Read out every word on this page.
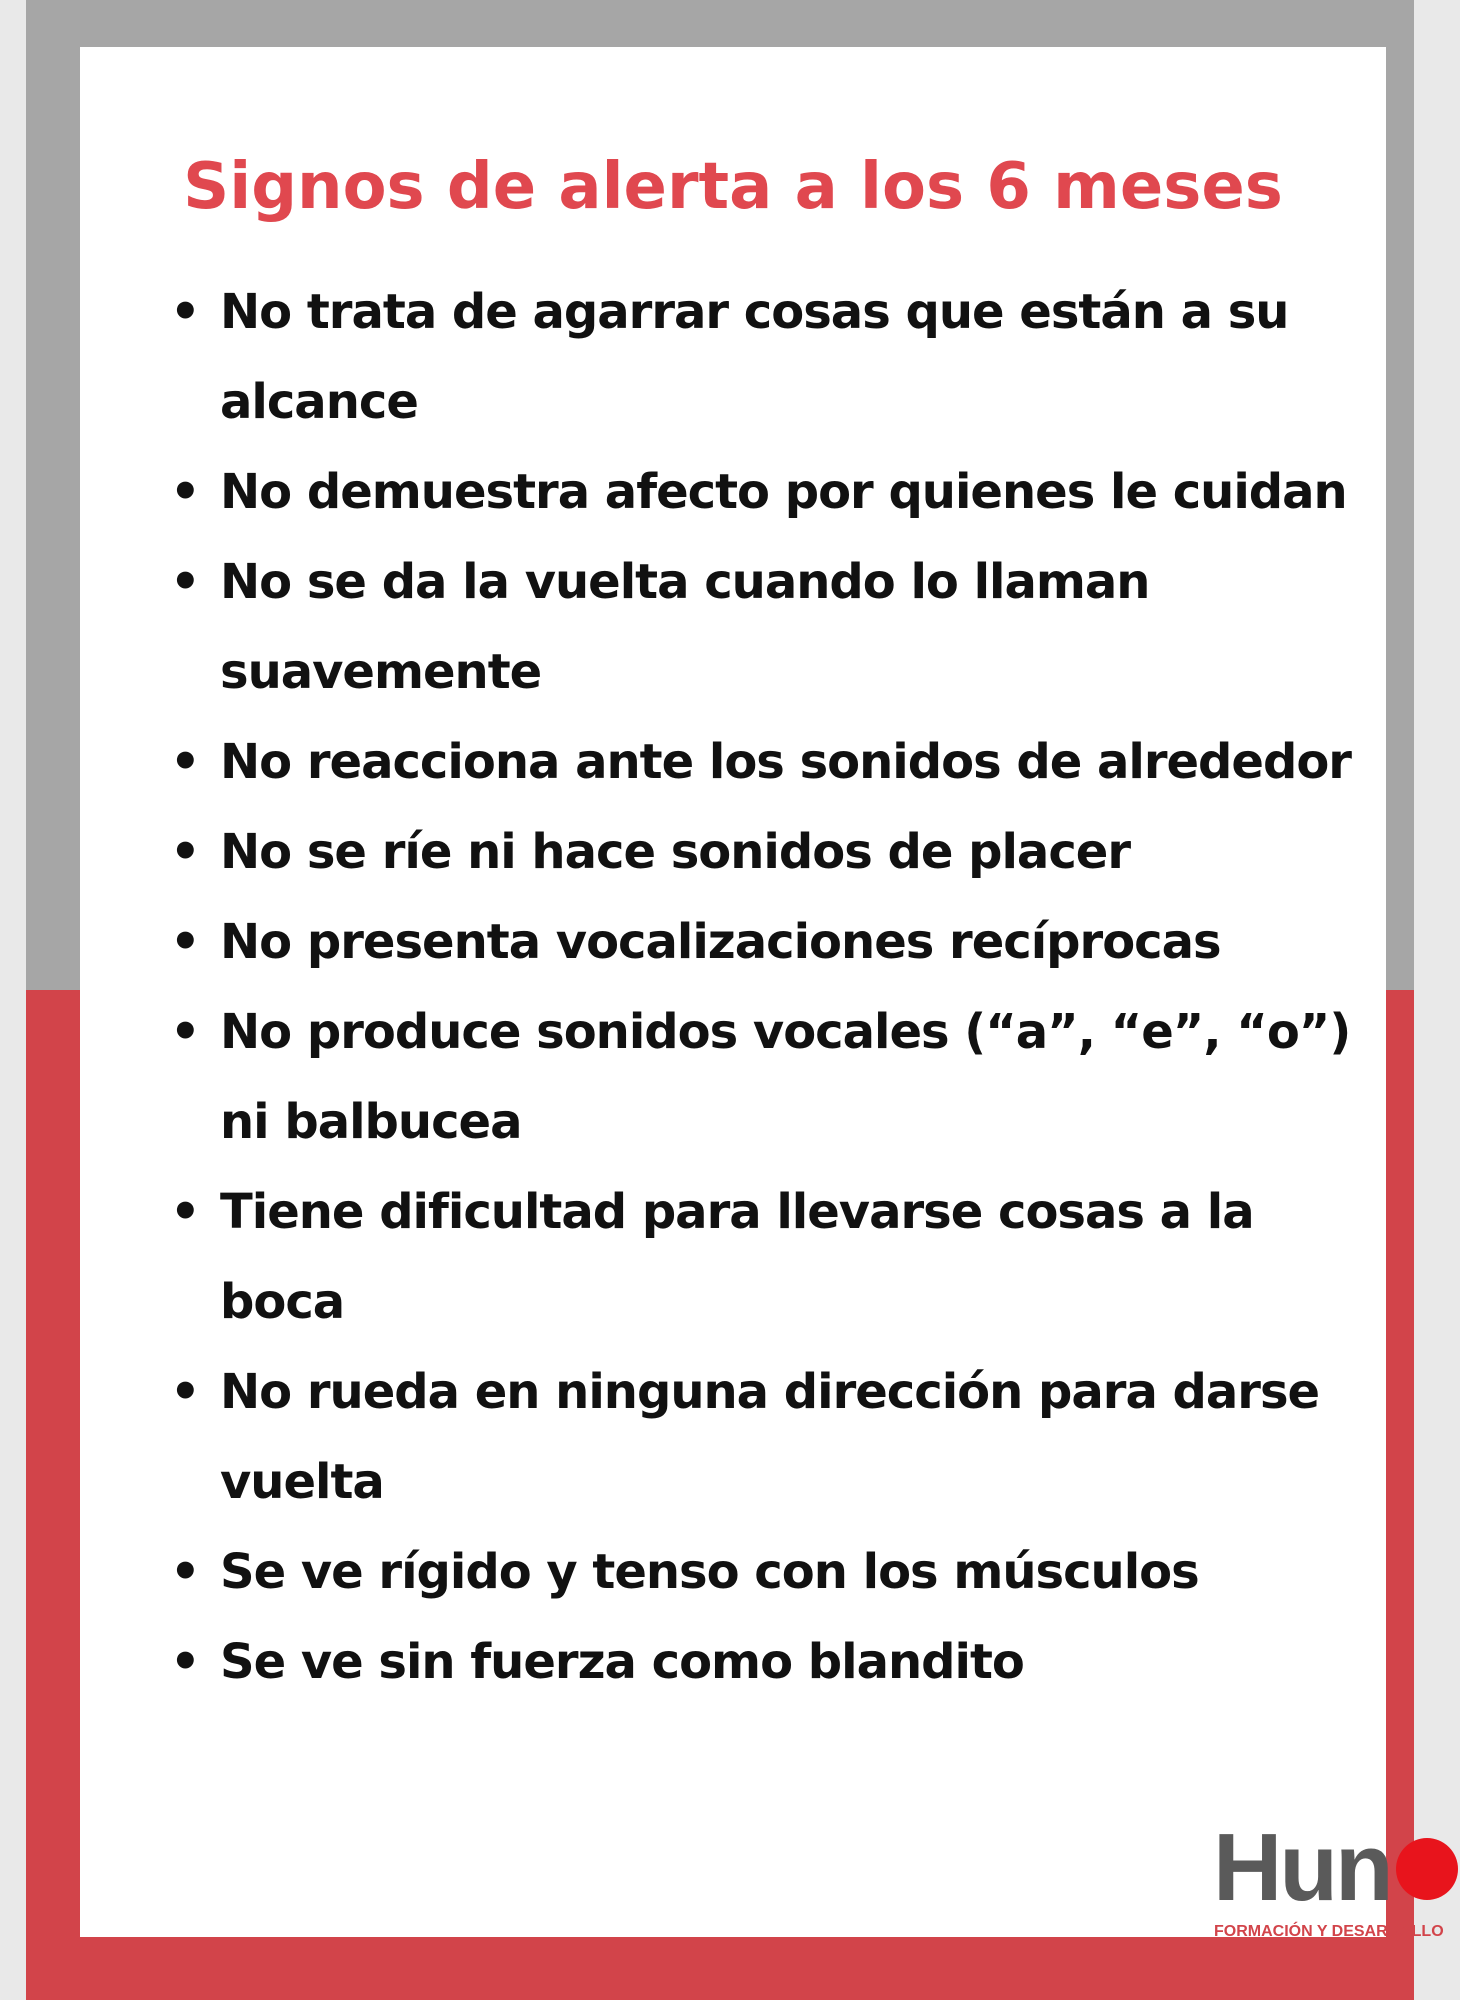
Signos de alerta a los 6 meses
• No trata de agarrar cosas que están a su alcance
• No demuestra afecto por quienes le cuidan
• No se da la vuelta cuando lo llaman suavemente
• No reacciona ante los sonidos de alrededor
• No se ríe ni hace sonidos de placer
• No presenta vocalizaciones recíprocas
• No produce sonidos vocales (“a”, “e”, “o”) ni balbucea
• Tiene dificultad para llevarse cosas a la boca
• No rueda en ninguna dirección para darse vuelta
• Se ve rígido y tenso con los músculos
• Se ve sin fuerza como blandito
Hun
FORMACIÓN Y DESARROLLO
